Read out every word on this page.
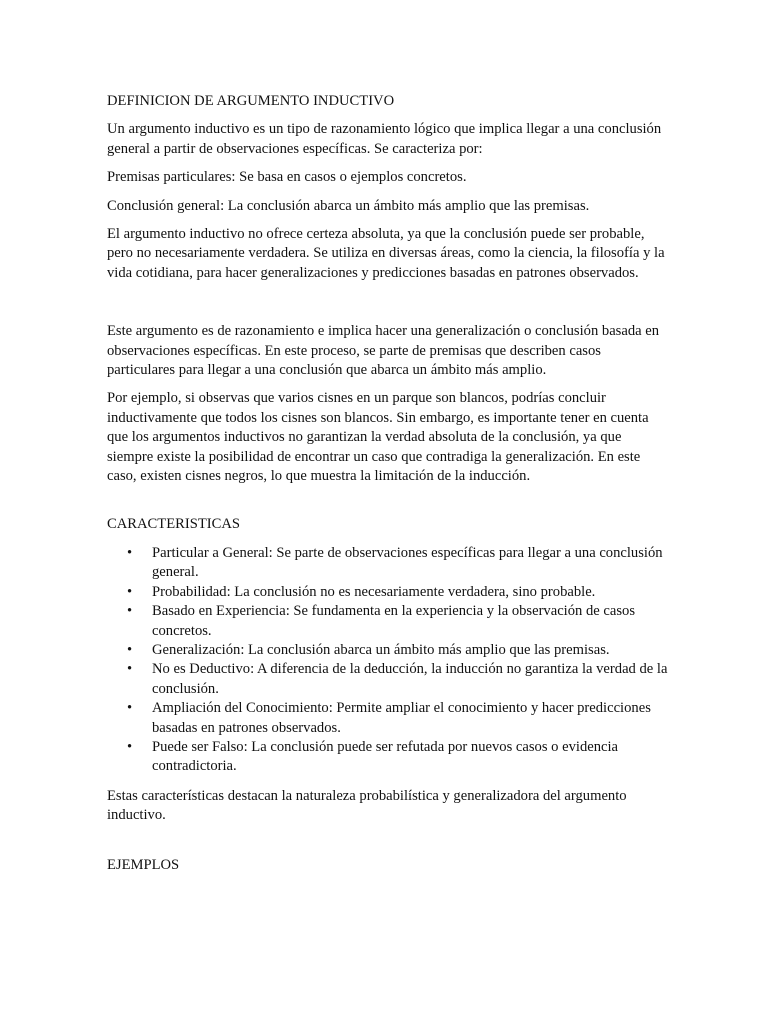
DEFINICION DE ARGUMENTO INDUCTIVO

Un argumento inductivo es un tipo de razonamiento lógico que implica llegar a una conclusión general a partir de observaciones específicas. Se caracteriza por:

Premisas particulares: Se basa en casos o ejemplos concretos.

Conclusión general: La conclusión abarca un ámbito más amplio que las premisas.

El argumento inductivo no ofrece certeza absoluta, ya que la conclusión puede ser probable, pero no necesariamente verdadera. Se utiliza en diversas áreas, como la ciencia, la filosofía y la vida cotidiana, para hacer generalizaciones y predicciones basadas en patrones observados.

Este argumento es de razonamiento e implica hacer una generalización o conclusión basada en observaciones específicas. En este proceso, se parte de premisas que describen casos particulares para llegar a una conclusión que abarca un ámbito más amplio.

Por ejemplo, si observas que varios cisnes en un parque son blancos, podrías concluir inductivamente que todos los cisnes son blancos. Sin embargo, es importante tener en cuenta que los argumentos inductivos no garantizan la verdad absoluta de la conclusión, ya que siempre existe la posibilidad de encontrar un caso que contradiga la generalización. En este caso, existen cisnes negros, lo que muestra la limitación de la inducción.

CARACTERISTICAS

• Particular a General: Se parte de observaciones específicas para llegar a una conclusión general.
• Probabilidad: La conclusión no es necesariamente verdadera, sino probable.
• Basado en Experiencia: Se fundamenta en la experiencia y la observación de casos concretos.
• Generalización: La conclusión abarca un ámbito más amplio que las premisas.
• No es Deductivo: A diferencia de la deducción, la inducción no garantiza la verdad de la conclusión.
• Ampliación del Conocimiento: Permite ampliar el conocimiento y hacer predicciones basadas en patrones observados.
• Puede ser Falso: La conclusión puede ser refutada por nuevos casos o evidencia contradictoria.

Estas características destacan la naturaleza probabilística y generalizadora del argumento inductivo.

EJEMPLOS
